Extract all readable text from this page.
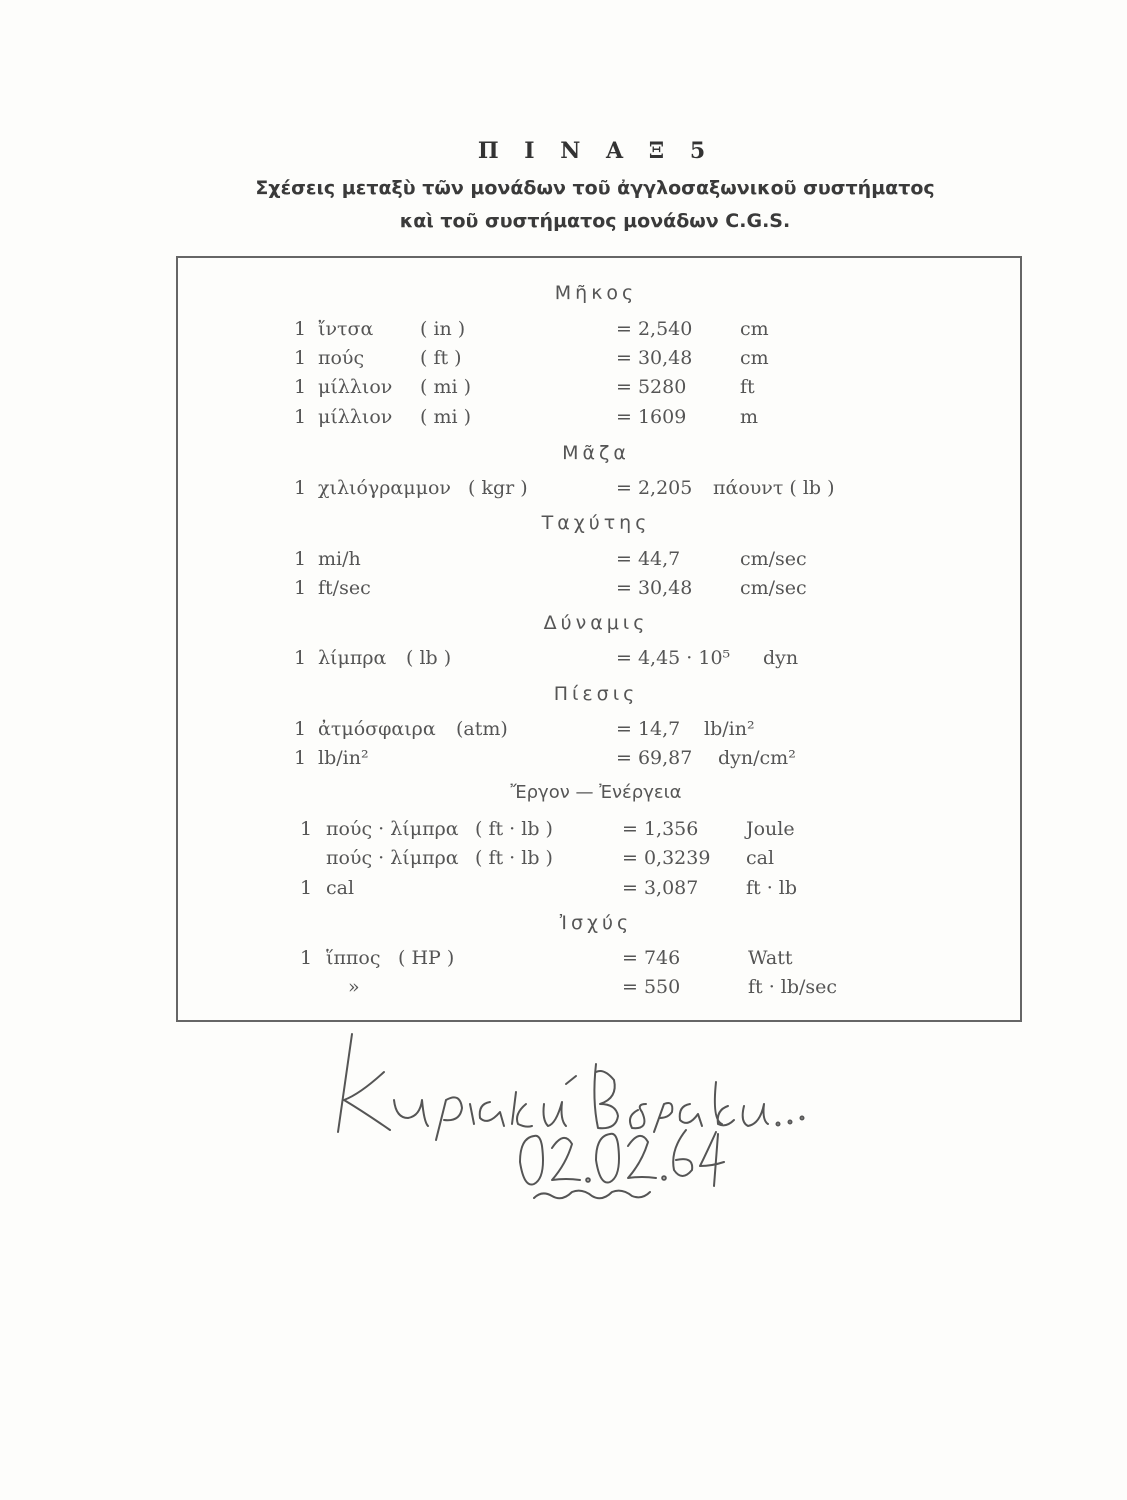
Π Ι Ν Α Ξ 5
Σχέσεις μεταξὺ τῶν μονάδων τοῦ ἀγγλοσαξωνικοῦ συστήματος
καὶ τοῦ συστήματος μονάδων C.G.S.
Μῆκος
1 ἴντσα ( in )	= 2,540	cm
1 πούς	( ft )	= 30,48	cm
1 μίλλιον ( mi )	= 5280	ft
1 μίλλιον ( mi )	= 1609	m
Μᾶζα
1 χιλιόγραμμον ( kgr )	= 2,205 πάουντ ( lb )
Ταχύτης
1 mi/h	= 44,7	cm/sec
1 ft/sec	= 30,48	cm/sec
Δύναμις
1 λίμπρα ( lb )	= 4,45 · 10⁵ dyn
Πίεσις
1 ἀτμόσφαιρα (atm)	= 14,7 lb/in²
1 lb/in²	= 69,87 dyn/cm²
Ἔργον — Ἐνέργεια
1 πούς · λίμπρα ( ft · lb )	= 1,356	Joule
πούς · λίμπρα ( ft · lb )	= 0,3239 cal
1 cal	= 3,087	ft · lb
Ἰσχύς
1 ἵππος ( HP )	= 746	Watt
»	= 550	ft · lb/sec
